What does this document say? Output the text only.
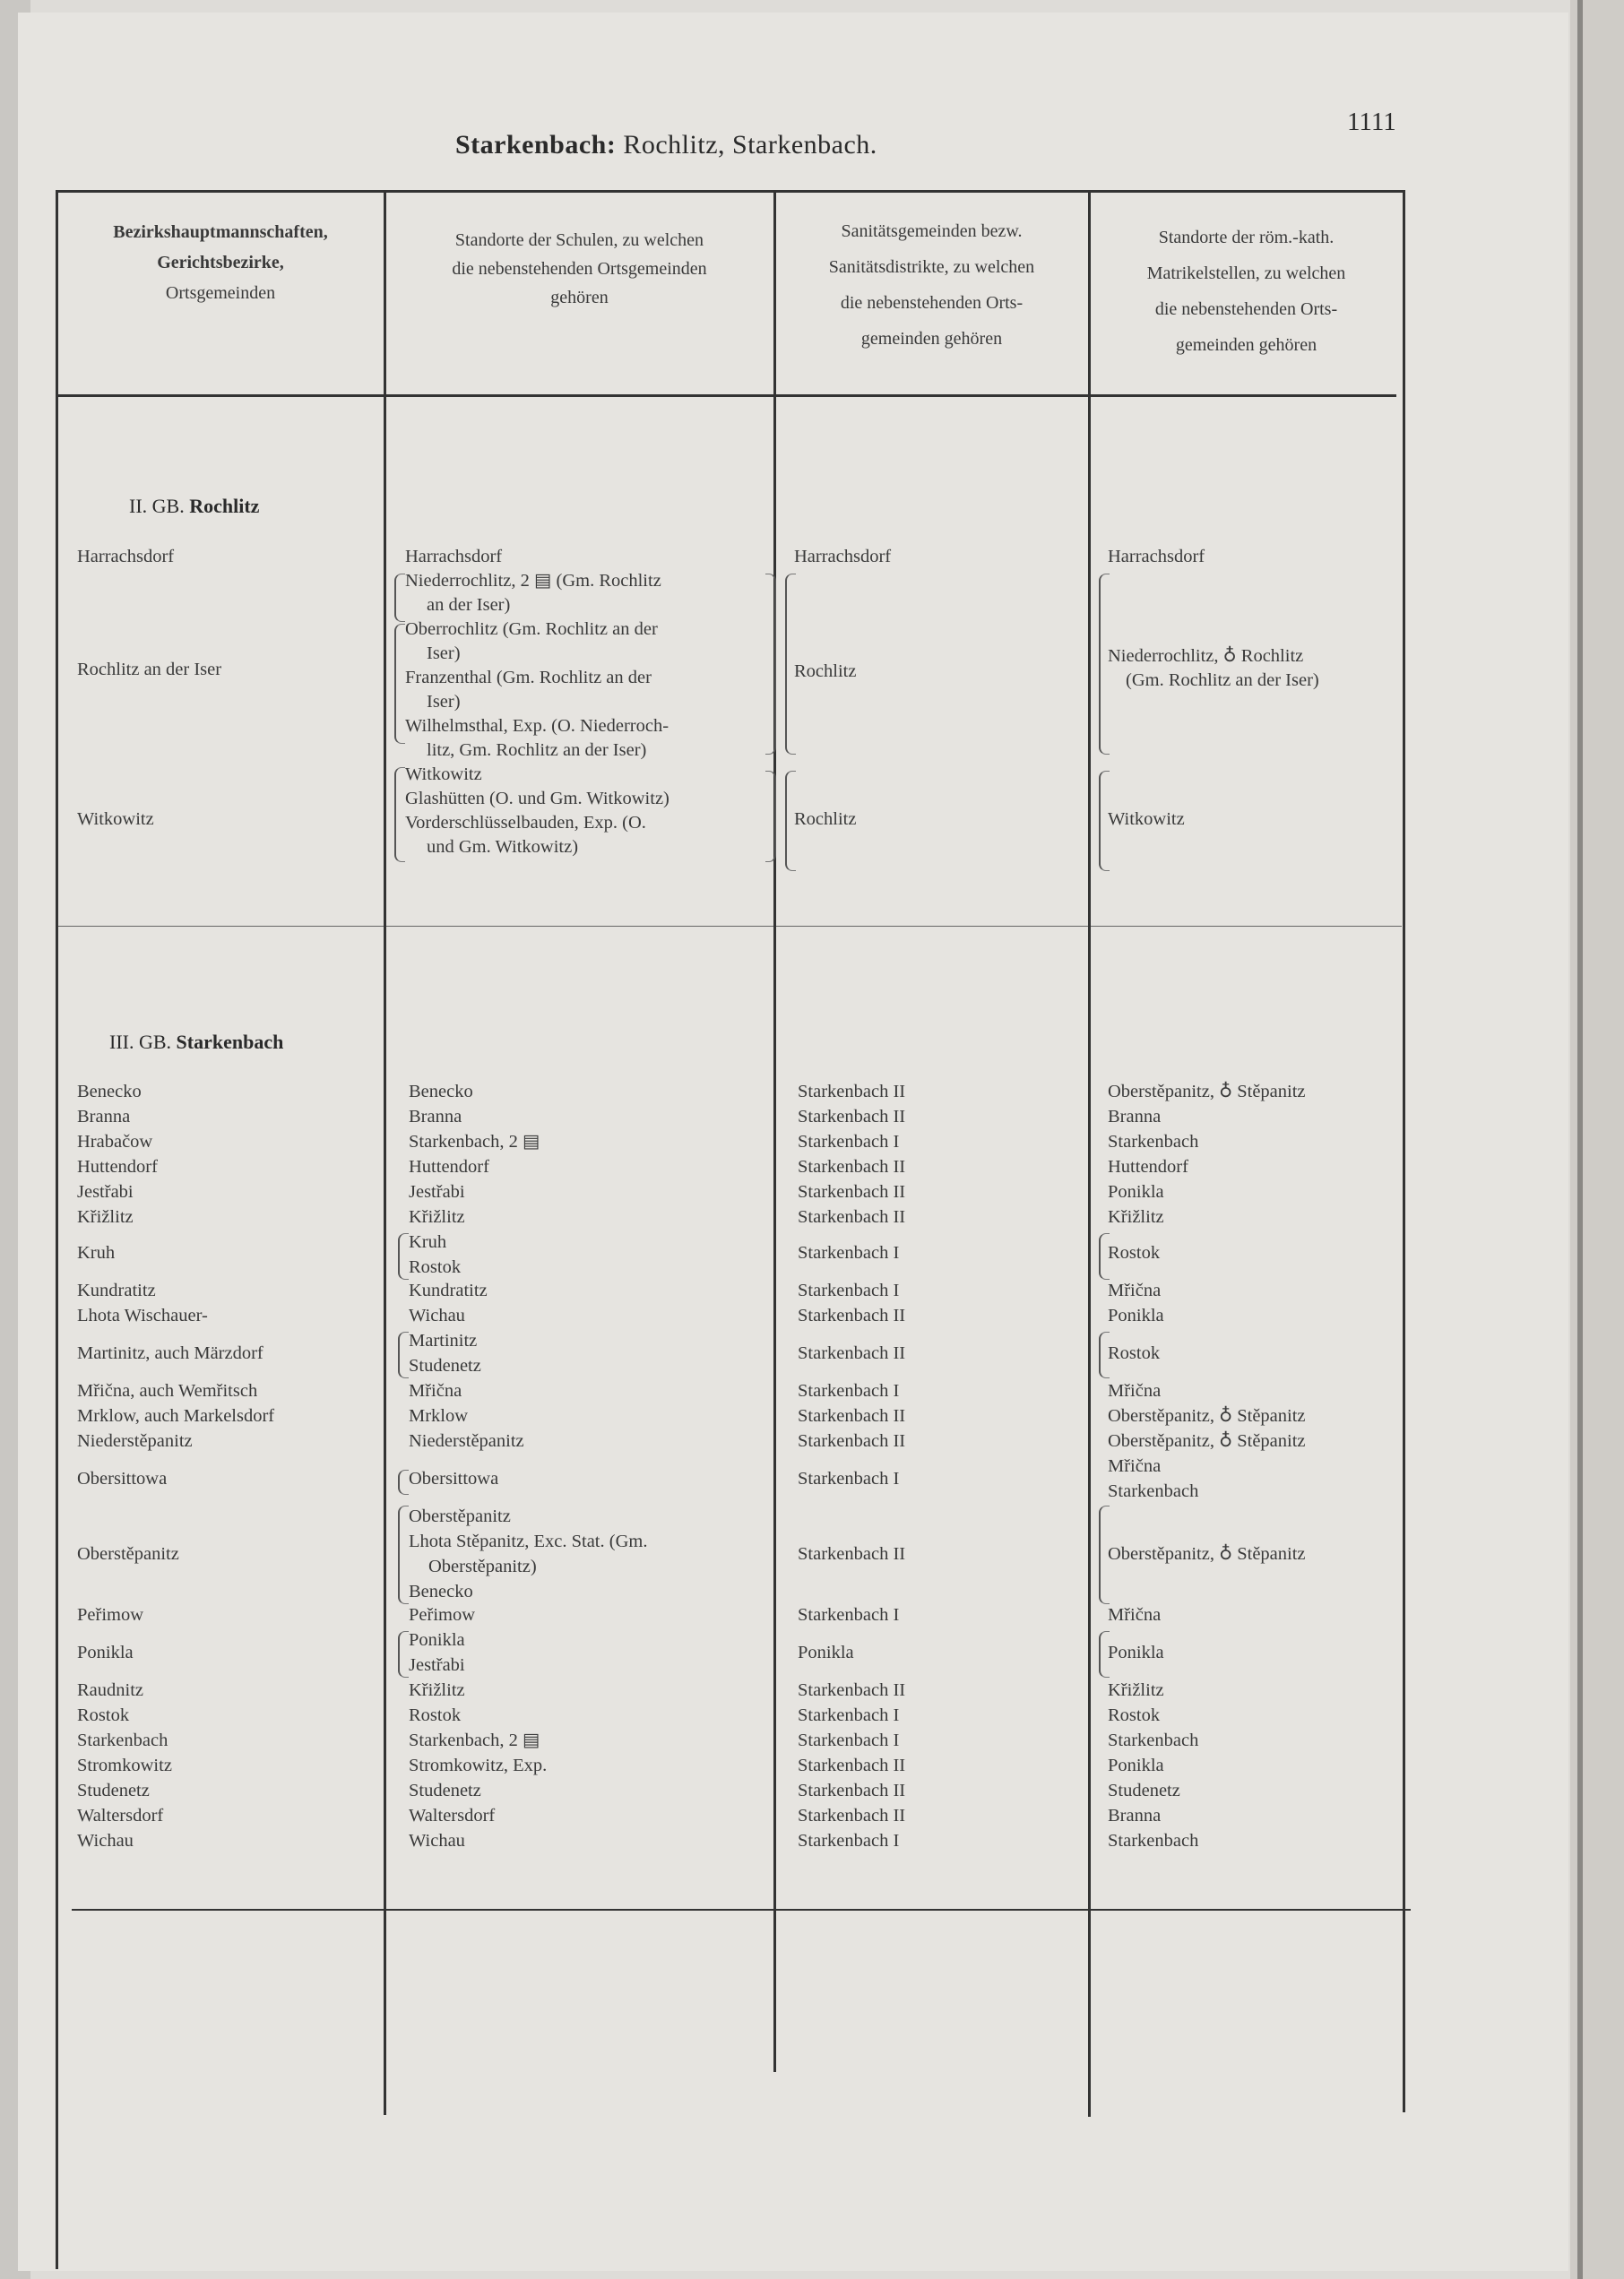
Starkenbach: Rochlitz, Starkenbach.
1111
Bezirkshauptmannschaften,
Gerichtsbezirke,
Ortsgemeinden
Standorte der Schulen, zu welchen
die nebenstehenden Ortsgemeinden
gehören
Sanitätsgemeinden bezw.
Sanitätsdistrikte, zu welchen
die nebenstehenden Orts-
gemeinden gehören
Standorte der röm.-kath.
Matrikelstellen, zu welchen
die nebenstehenden Orts-
gemeinden gehören
II. GB. Rochlitz
Harrachsdorf
Rochlitz an der Iser
Witkowitz
Harrachsdorf
Niederrochlitz, 2 ▤ (Gm. Rochlitz
an der Iser)
Oberrochlitz (Gm. Rochlitz an der
Iser)
Franzenthal (Gm. Rochlitz an der
Iser)
Wilhelmsthal, Exp. (O. Niederroch-
litz, Gm. Rochlitz an der Iser)
Witkowitz
Glashütten (O. und Gm. Witkowitz)
Vorderschlüsselbauden, Exp. (O.
und Gm. Witkowitz)
Harrachsdorf
Rochlitz
Rochlitz
Harrachsdorf
Niederrochlitz, ♁ Rochlitz
(Gm. Rochlitz an der Iser)
Witkowitz
III. GB. Starkenbach
Benecko
Branna
Hrabačow
Huttendorf
Jestřabi
Křižlitz
Kruh
Kundratitz
Lhota Wischauer-
Martinitz, auch Märzdorf
Mřična, auch Wemřitsch
Mrklow, auch Markelsdorf
Niederstěpanitz
Obersittowa
Oberstěpanitz
Peřimow
Ponikla
Raudnitz
Rostok
Starkenbach
Stromkowitz
Studenetz
Waltersdorf
Wichau
Benecko
Branna
Starkenbach, 2 ▤
Huttendorf
Jestřabi
Křižlitz
Kruh
Rostok
Kundratitz
Wichau
Martinitz
Studenetz
Mřična
Mrklow
Niederstěpanitz
Obersittowa
Oberstěpanitz
Lhota Stěpanitz, Exc. Stat. (Gm.
Oberstěpanitz)
Benecko
Peřimow
Ponikla
Jestřabi
Křižlitz
Rostok
Starkenbach, 2 ▤
Stromkowitz, Exp.
Studenetz
Waltersdorf
Wichau
Starkenbach II
Starkenbach II
Starkenbach I
Starkenbach II
Starkenbach II
Starkenbach II
Starkenbach I
Starkenbach I
Starkenbach II
Starkenbach II
Starkenbach I
Starkenbach II
Starkenbach II
Starkenbach I
Starkenbach II
Starkenbach I
Ponikla
Starkenbach II
Starkenbach I
Starkenbach I
Starkenbach II
Starkenbach II
Starkenbach II
Starkenbach I
Oberstěpanitz, ♁ Stěpanitz
Branna
Starkenbach
Huttendorf
Ponikla
Křižlitz
Rostok
Mřična
Ponikla
Rostok
Mřična
Oberstěpanitz, ♁ Stěpanitz
Oberstěpanitz, ♁ Stěpanitz
Mřična
Starkenbach
Oberstěpanitz, ♁ Stěpanitz
Mřična
Ponikla
Křižlitz
Rostok
Starkenbach
Ponikla
Studenetz
Branna
Starkenbach
